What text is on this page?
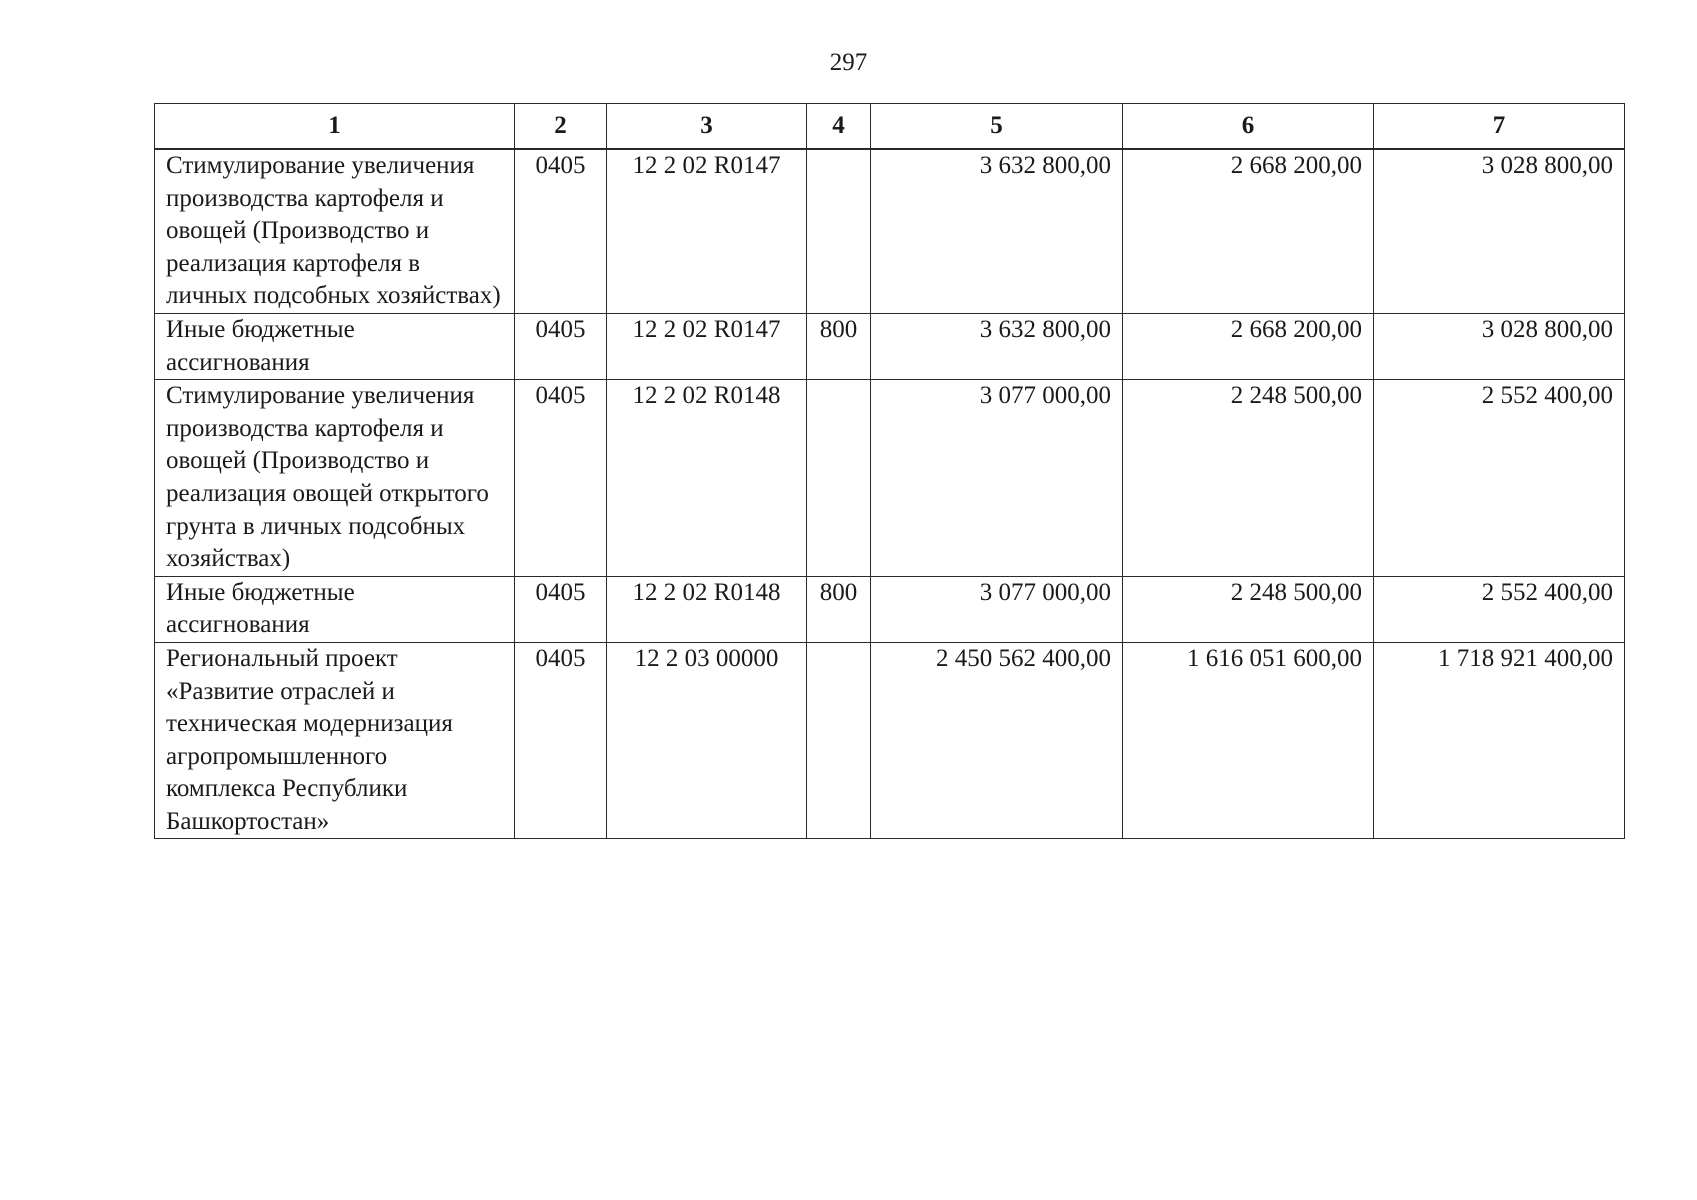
297
1	2	3	4	5	6	7
Стимулирование увеличения производства картофеля и овощей (Производство и реализация картофеля в личных подсобных хозяйствах)	0405	12 2 02 R0147		3 632 800,00	2 668 200,00	3 028 800,00
Иные бюджетные ассигнования	0405	12 2 02 R0147	800	3 632 800,00	2 668 200,00	3 028 800,00
Стимулирование увеличения производства картофеля и овощей (Производство и реализация овощей открытого грунта в личных подсобных хозяйствах)	0405	12 2 02 R0148		3 077 000,00	2 248 500,00	2 552 400,00
Иные бюджетные ассигнования	0405	12 2 02 R0148	800	3 077 000,00	2 248 500,00	2 552 400,00
Региональный проект «Развитие отраслей и техническая модернизация агропромышленного комплекса Республики Башкортостан»	0405	12 2 03 00000		2 450 562 400,00	1 616 051 600,00	1 718 921 400,00
